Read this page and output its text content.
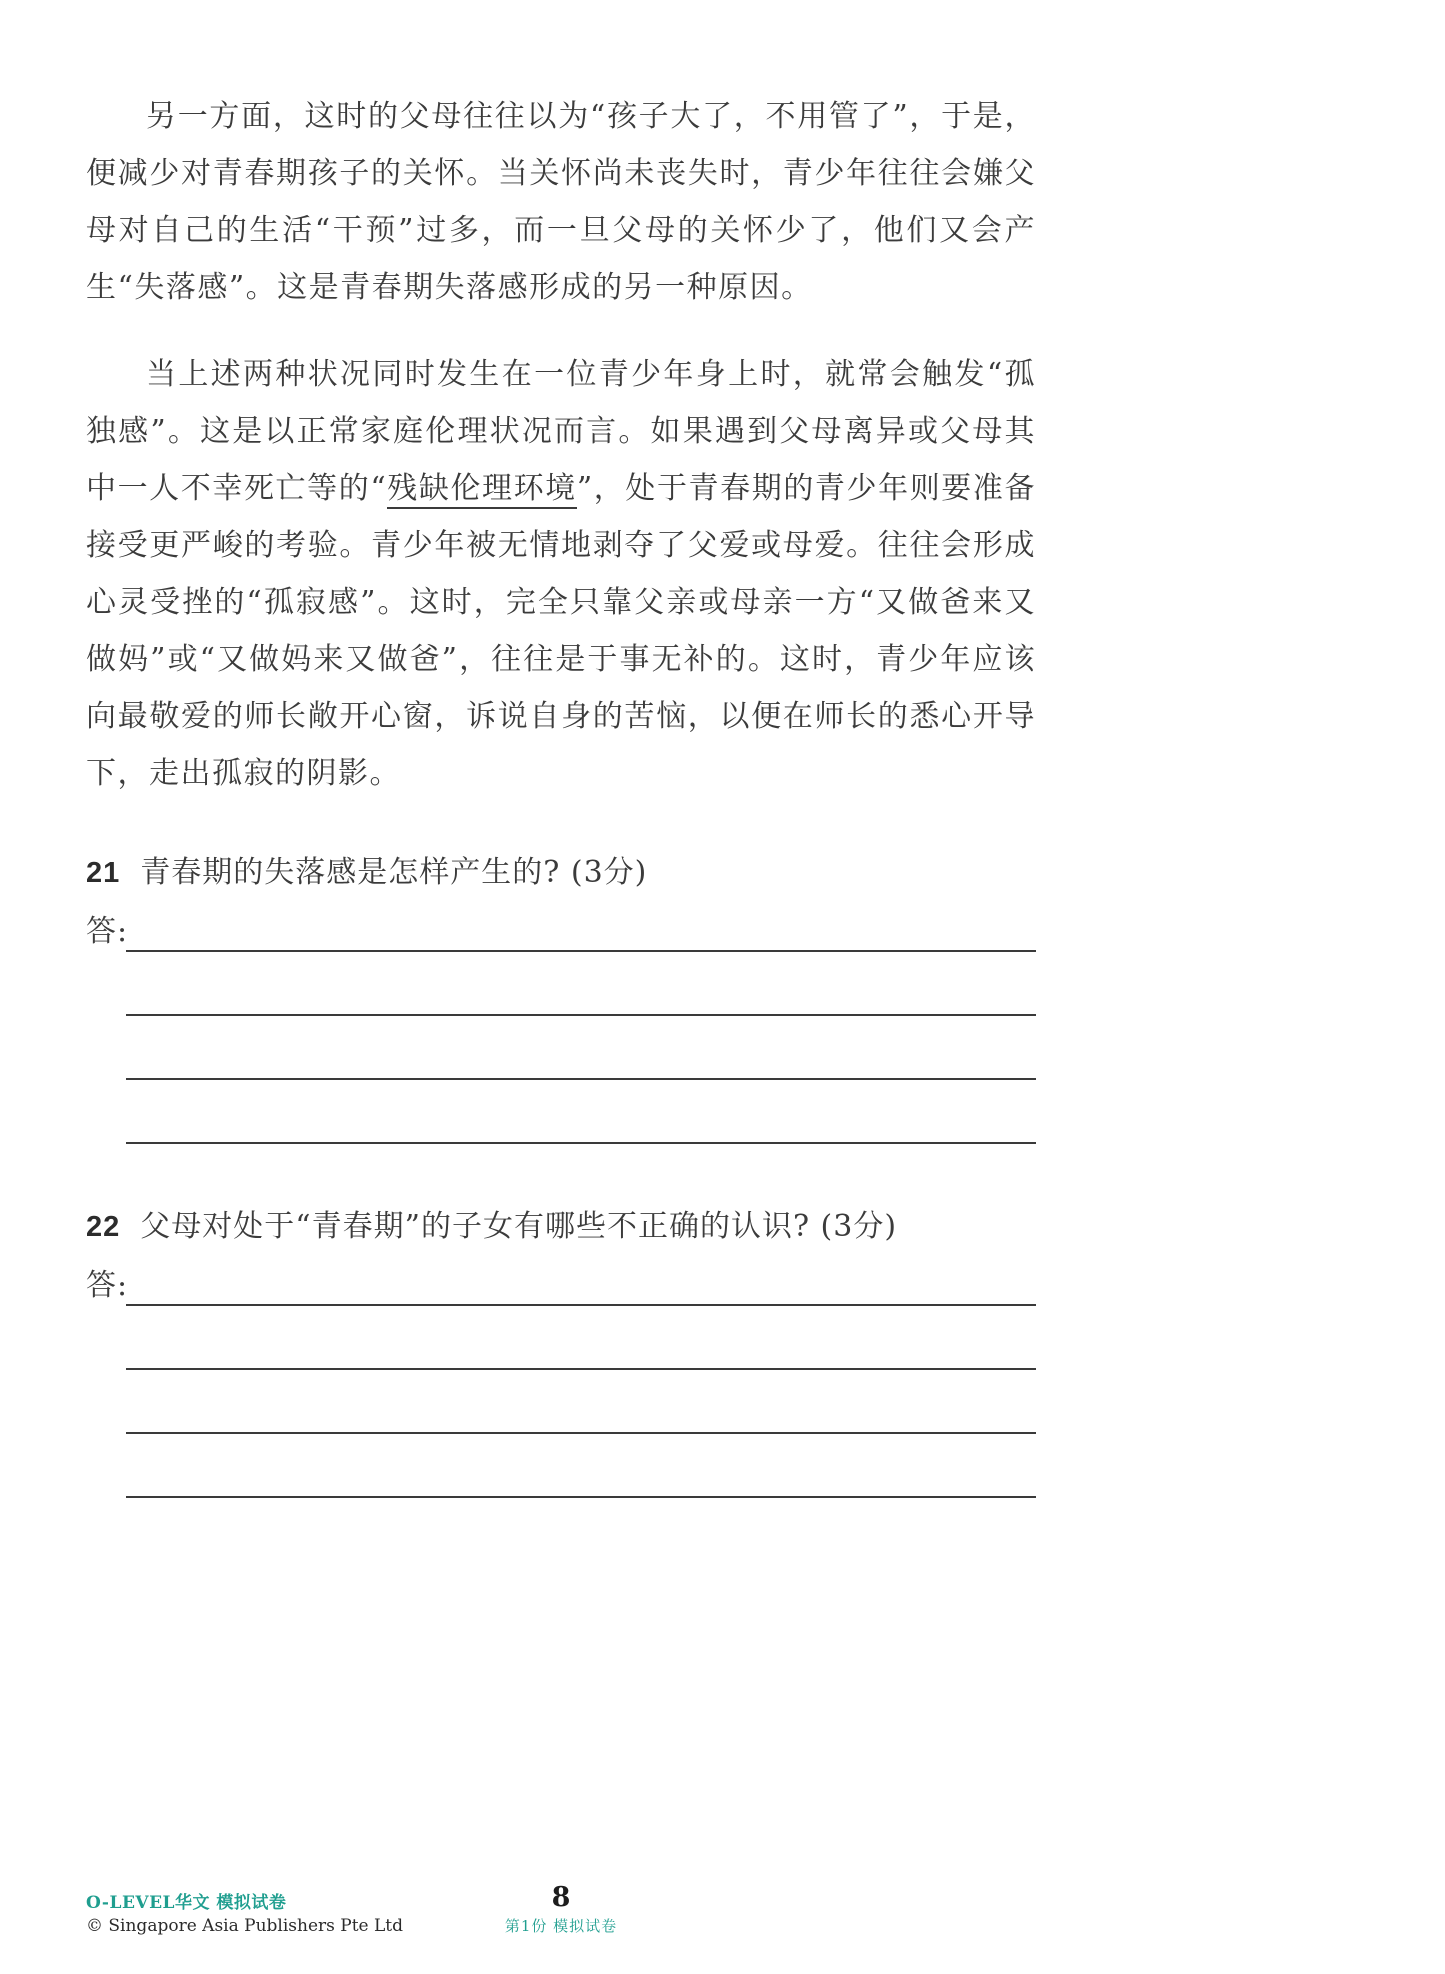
另一方面，这时的父母往往以为“孩子大了，不用管了”，于是，便减少对青春期孩子的关怀。当关怀尚未丧失时，青少年往往会嫌父母对自己的生活“干预”过多，而一旦父母的关怀少了，他们又会产生“失落感”。这是青春期失落感形成的另一种原因。

当上述两种状况同时发生在一位青少年身上时，就常会触发“孤独感”。这是以正常家庭伦理状况而言。如果遇到父母离异或父母其中一人不幸死亡等的“残缺伦理环境”，处于青春期的青少年则要准备接受更严峻的考验。青少年被无情地剥夺了父爱或母爱。往往会形成心灵受挫的“孤寂感”。这时，完全只靠父亲或母亲一方“又做爸来又做妈”或“又做妈来又做爸”，往往是于事无补的。这时，青少年应该向最敬爱的师长敞开心窗，诉说自身的苦恼，以便在师长的悉心开导下，走出孤寂的阴影。

21 青春期的失落感是怎样产生的? (3分)
答:
22 父母对处于“青春期”的子女有哪些不正确的认识? (3分)
答:
O-LEVEL华文 模拟试卷
© Singapore Asia Publishers Pte Ltd
8
第1份 模拟试卷
